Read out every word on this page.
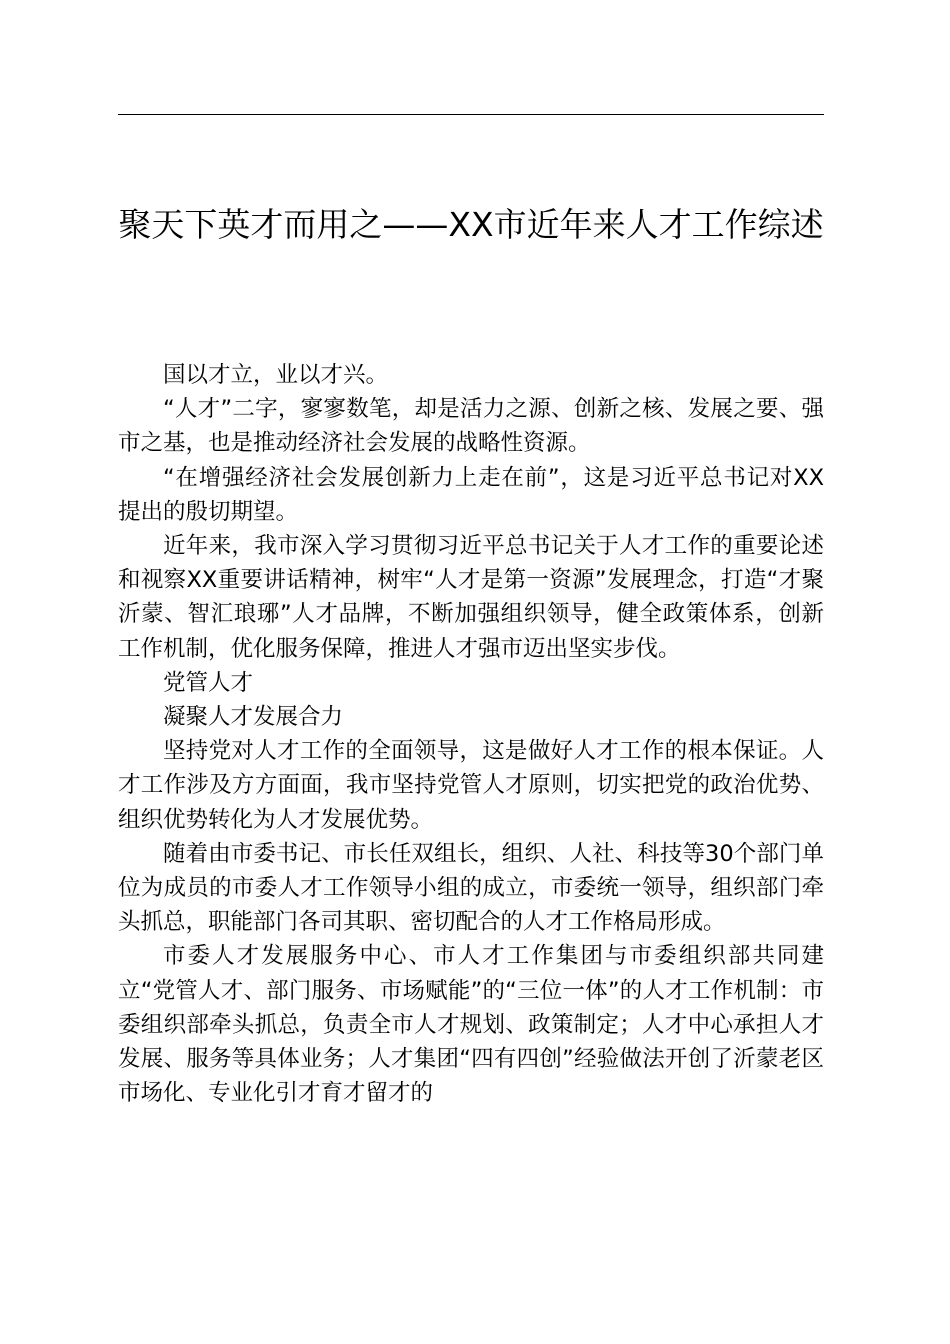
聚天下英才而用之——XX市近年来人才工作综述

国以才立，业以才兴。

“人才”二字，寥寥数笔，却是活力之源、创新之核、发展之要、强市之基，也是推动经济社会发展的战略性资源。

“在增强经济社会发展创新力上走在前”，这是习近平总书记对XX提出的殷切期望。

近年来，我市深入学习贯彻习近平总书记关于人才工作的重要论述和视察XX重要讲话精神，树牢“人才是第一资源”发展理念，打造“才聚沂蒙、智汇琅琊”人才品牌，不断加强组织领导，健全政策体系，创新工作机制，优化服务保障，推进人才强市迈出坚实步伐。

党管人才

凝聚人才发展合力

坚持党对人才工作的全面领导，这是做好人才工作的根本保证。人才工作涉及方方面面，我市坚持党管人才原则，切实把党的政治优势、组织优势转化为人才发展优势。

随着由市委书记、市长任双组长，组织、人社、科技等30个部门单位为成员的市委人才工作领导小组的成立，市委统一领导，组织部门牵头抓总，职能部门各司其职、密切配合的人才工作格局形成。

市委人才发展服务中心、市人才工作集团与市委组织部共同建立“党管人才、部门服务、市场赋能”的“三位一体”的人才工作机制：市委组织部牵头抓总，负责全市人才规划、政策制定；人才中心承担人才发展、服务等具体业务；人才集团“四有四创”经验做法开创了沂蒙老区市场化、专业化引才育才留才的
